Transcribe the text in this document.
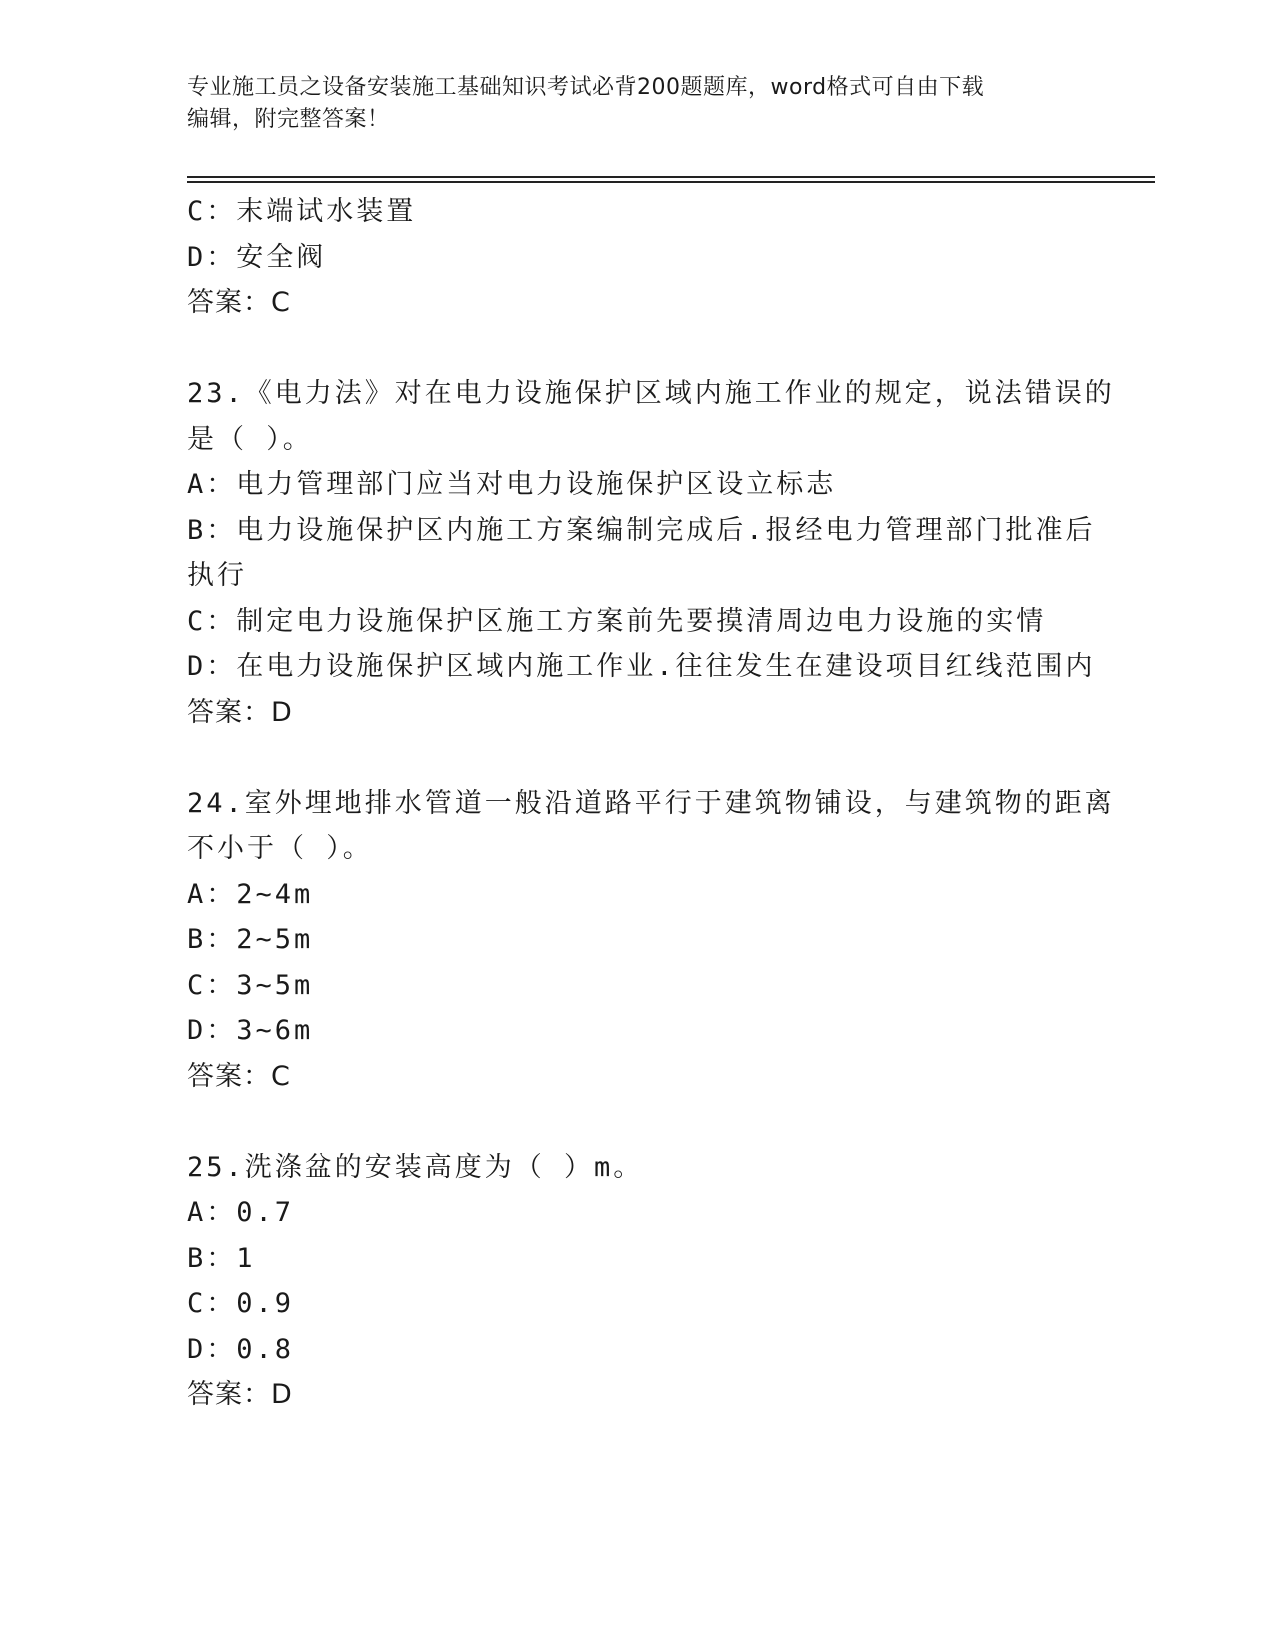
专业施工员之设备安装施工基础知识考试必背200题题库，word格式可自由下载
编辑，附完整答案！
C：末端试水装置
D：安全阀
答案：C
23.《电力法》对在电力设施保护区域内施工作业的规定，说法错误的
是（ ）。
A：电力管理部门应当对电力设施保护区设立标志
B：电力设施保护区内施工方案编制完成后.报经电力管理部门批准后
执行
C：制定电力设施保护区施工方案前先要摸清周边电力设施的实情
D：在电力设施保护区域内施工作业.往往发生在建设项目红线范围内
答案：D
24.室外埋地排水管道一般沿道路平行于建筑物铺设，与建筑物的距离
不小于（ ）。
A：2~4m
B：2~5m
C：3~5m
D：3~6m
答案：C
25.洗涤盆的安装高度为（ ）m。
A：0.7
B：1
C：0.9
D：0.8
答案：D
